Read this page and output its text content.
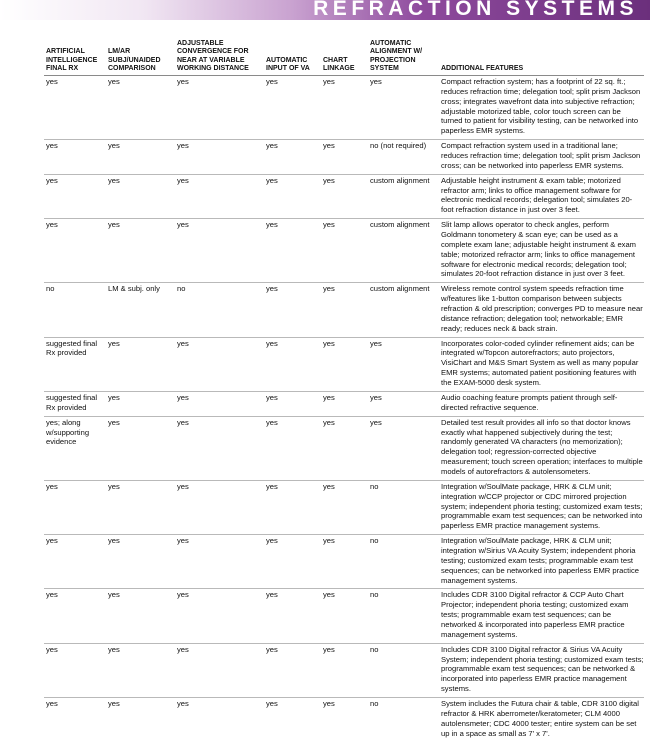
REFRACTION SYSTEMS
ARTIFICIAL INTELLIGENCE FINAL RX	LM/AR SUBJ/UNAIDED COMPARISON	ADJUSTABLE CONVERGENCE FOR NEAR AT VARIABLE WORKING DISTANCE	AUTOMATIC INPUT OF VA	CHART LINKAGE	AUTOMATIC ALIGNMENT W/ PROJECTION SYSTEM	ADDITIONAL FEATURES
yes	yes	yes	yes	yes	yes	Compact refraction system; has a footprint of 22 sq. ft.; reduces refraction time; delegation tool; split prism Jackson cross; integrates wavefront data into subjective refraction; adjustable motorized table, color touch screen can be turned to patient for visibility testing, can be networked into paperless EMR systems.
yes	yes	yes	yes	yes	no (not required)	Compact refraction system used in a traditional lane; reduces refraction time; delegation tool; split prism Jackson cross; can be networked into paperless EMR systems.
yes	yes	yes	yes	yes	custom alignment	Adjustable height instrument & exam table; motorized refractor arm; links to office management software for electronic medical records; delegation tool; simulates 20-foot refraction distance in just over 3 feet.
yes	yes	yes	yes	yes	custom alignment	Slit lamp allows operator to check angles, perform Goldmann tonometery & scan eye; can be used as a complete exam lane; adjustable height instrument & exam table; motorized refractor arm; links to office management software for electronic medical records; delegation tool; simulates 20-foot refraction distance in just over 3 feet.
no	LM & subj. only	no	yes	yes	custom alignment	Wireless remote control system speeds refraction time w/features like 1-button comparison between subjects refraction & old prescription; converges PD to measure near distance refraction; delegation tool; networkable; EMR ready; reduces neck & back strain.
suggested final Rx provided	yes	yes	yes	yes	yes	Incorporates color-coded cylinder refinement aids; can be integrated w/Topcon autorefractors; auto projectors, VisiChart and M&S Smart System as well as many popular EMR systems; automated patient positioning features with the EXAM-5000 desk system.
suggested final Rx provided	yes	yes	yes	yes	yes	Audio coaching feature prompts patient through self-directed refractive sequence.
yes; along w/supporting evidence	yes	yes	yes	yes	yes	Detailed test result provides all info so that doctor knows exactly what happened subjectively during the test; randomly generated VA characters (no memorization); delegation tool; regression-corrected objective measurement; touch screen operation; interfaces to multiple models of autorefractors & autolensometers.
yes	yes	yes	yes	yes	no	Integration w/SoulMate package, HRK & CLM unit; integration w/CCP projector or CDC mirrored projection system; independent phoria testing; customized exam tests; programmable exam test sequences; can be networked into paperless EMR practice management systems.
yes	yes	yes	yes	yes	no	Integration w/SoulMate package, HRK & CLM unit; integration w/Sirius VA Acuity System; independent phoria testing; customized exam tests; programmable exam test sequences; can be networked into paperless EMR practice management systems.
yes	yes	yes	yes	yes	no	Includes CDR 3100 Digital refractor & CCP Auto Chart Projector; independent phoria testing; customized exam tests; programmable exam test sequences; can be networked & incorporated into paperless EMR practice management systems.
yes	yes	yes	yes	yes	no	Includes CDR 3100 Digital refractor & Sirius VA Acuity System; independent phoria testing; customized exam tests; programmable exam test sequences; can be networked & incorporated into paperless EMR practice management systems.
yes	yes	yes	yes	yes	no	System includes the Futura chair & table, CDR 3100 digital refractor & HRK aberrometer/keratometer; CLM 4000 autolensmeter; CDC 4000 tester; entire system can be set up in a space as small as 7' x 7'.
